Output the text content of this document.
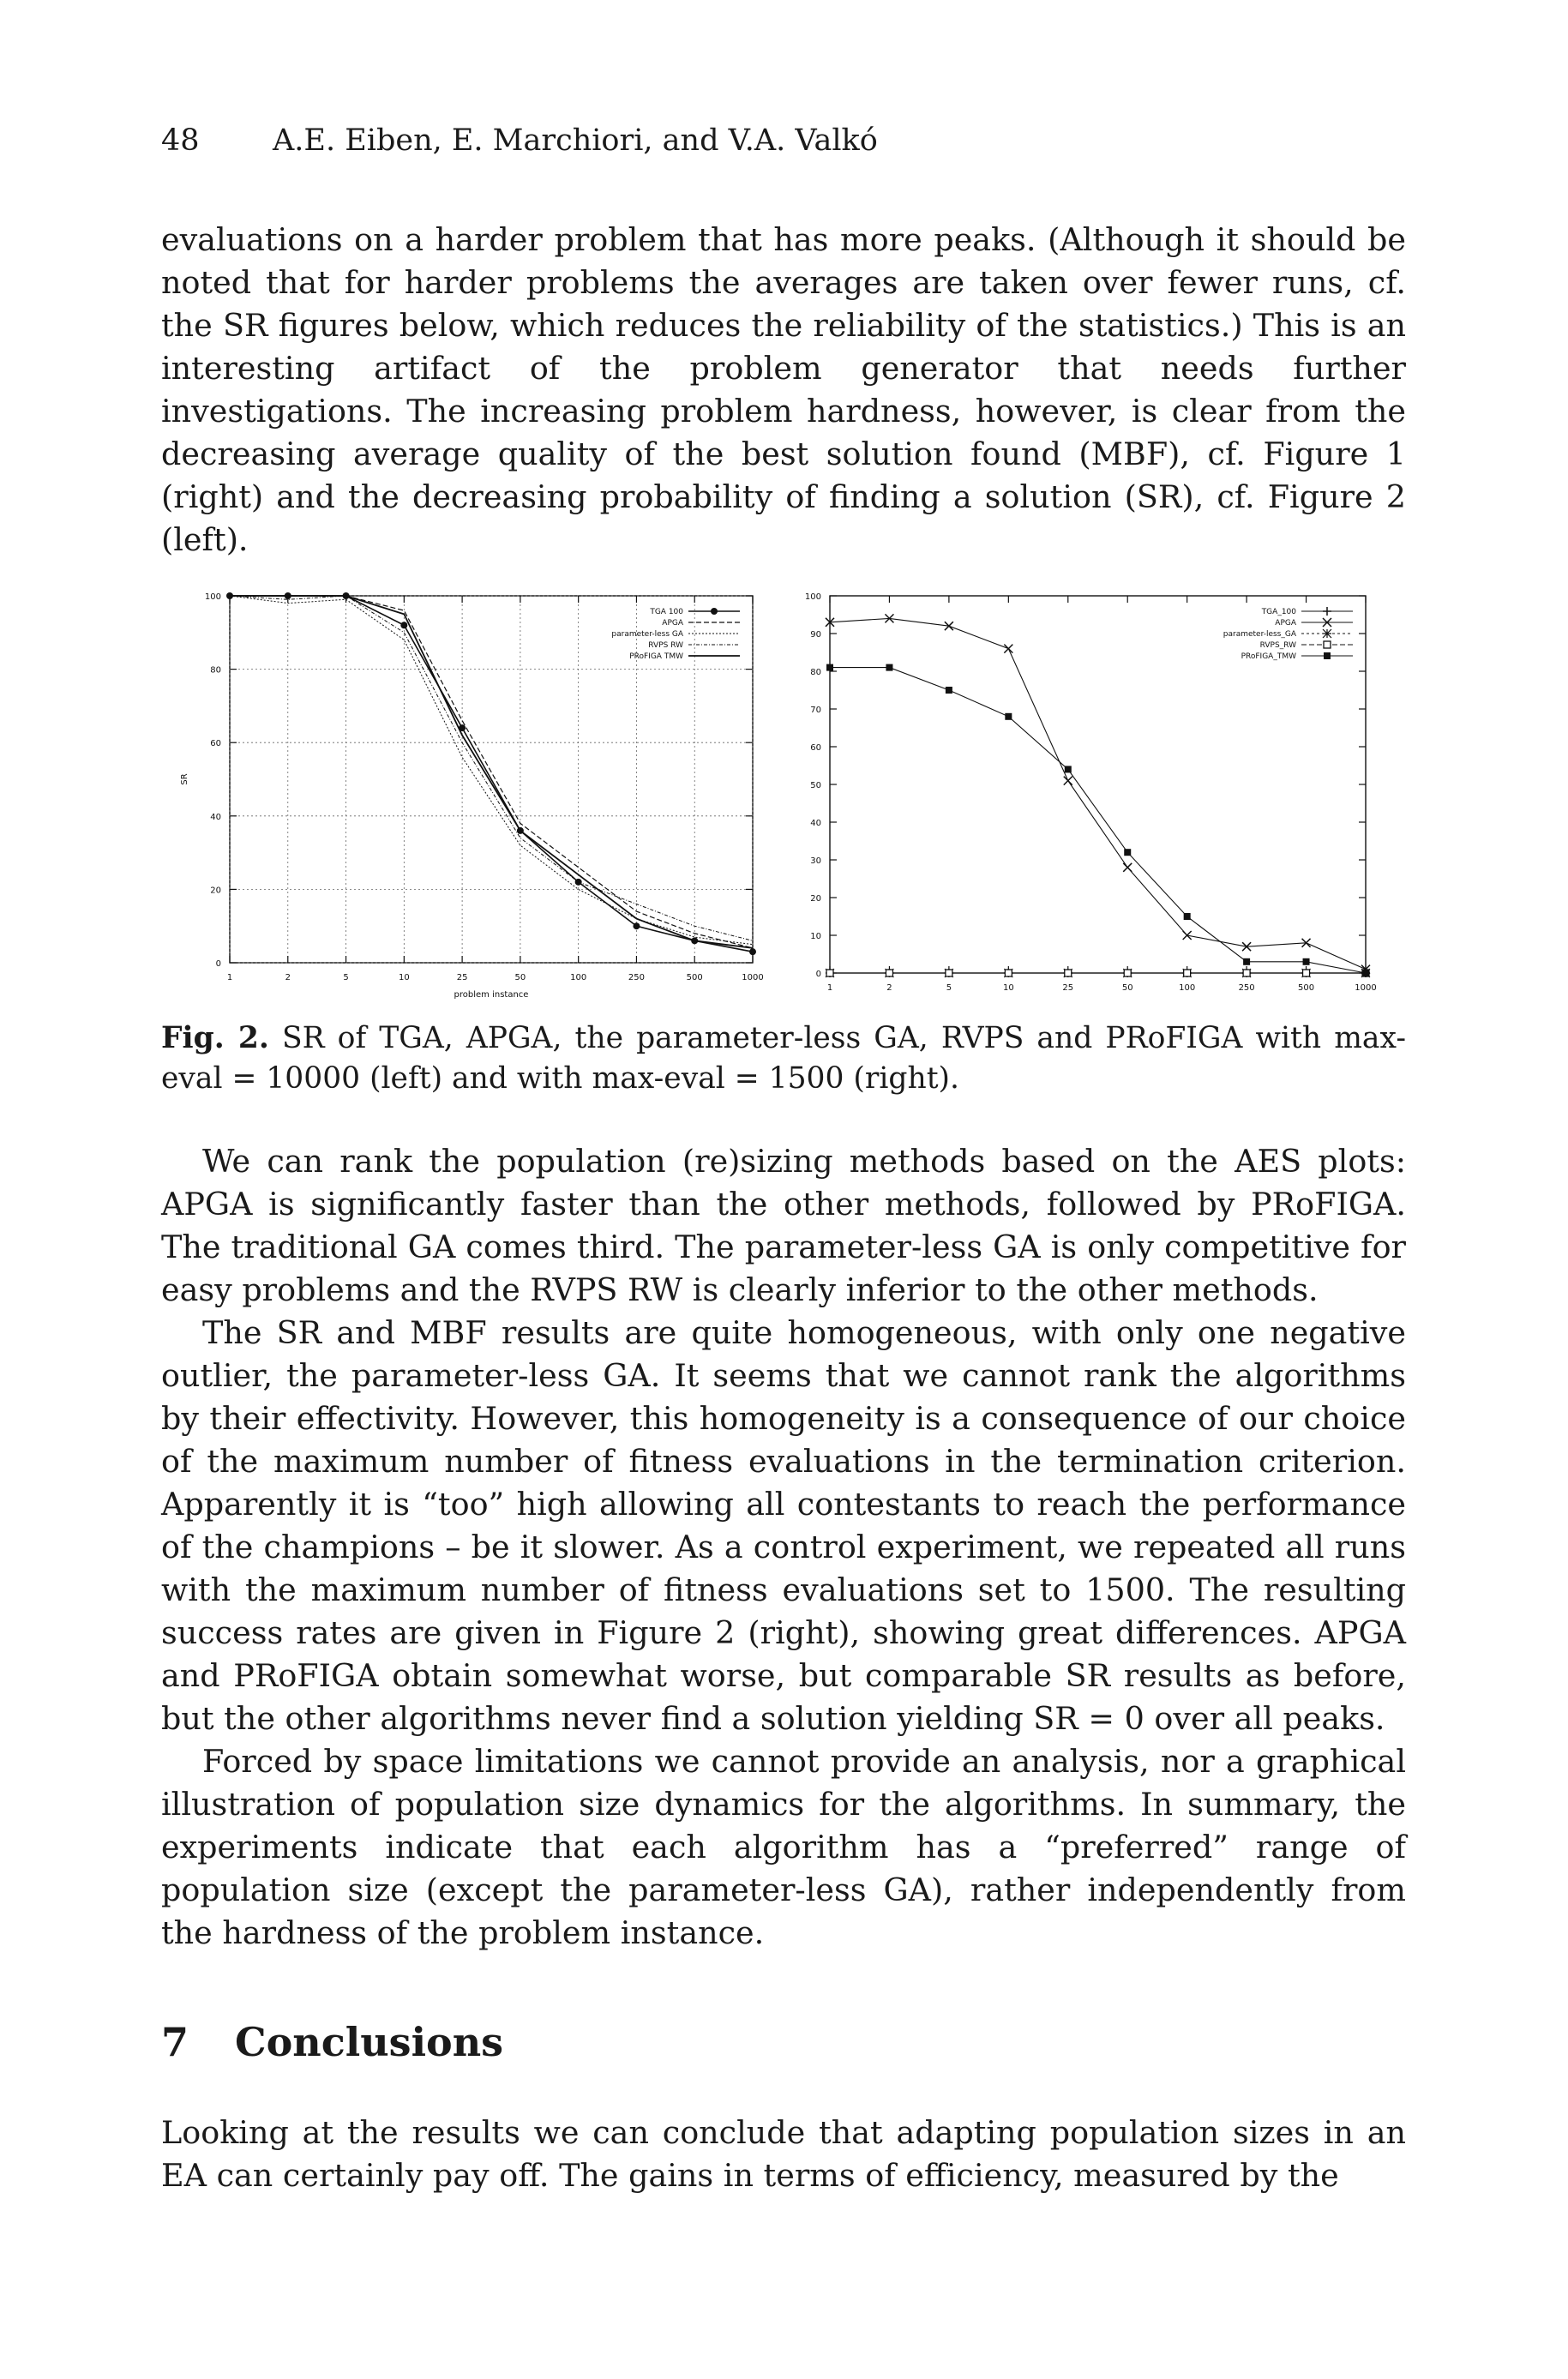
48 A.E. Eiben, E. Marchiori, and V.A. Valkó

evaluations on a harder problem that has more peaks. (Although it should be noted that for harder problems the averages are taken over fewer runs, cf. the SR figures below, which reduces the reliability of the statistics.) This is an interesting artifact of the problem generator that needs further investigations. The increasing problem hardness, however, is clear from the decreasing average quality of the best solution found (MBF), cf. Figure 1 (right) and the decreasing probability of finding a solution (SR), cf. Figure 2 (left).

0
20
40
60
80
100
1	2	5	10	25	50	100	250	500	1000
problem instance
SR
TGA 100
APGA
parameter-less GA
RVPS RW
PRoFIGA TMW
0
10
20
30
40
50
60
70
80
90
100
1	2	5	10	25	50	100	250	500	1000
TGA_100
APGA
parameter-less_GA
RVPS_RW
PRoFIGA_TMW
Fig. 2. SR of TGA, APGA, the parameter-less GA, RVPS and PRoFIGA with max-eval = 10000 (left) and with max-eval = 1500 (right).

We can rank the population (re)sizing methods based on the AES plots: APGA is significantly faster than the other methods, followed by PRoFIGA. The traditional GA comes third. The parameter-less GA is only competitive for easy problems and the RVPS RW is clearly inferior to the other methods.

The SR and MBF results are quite homogeneous, with only one negative outlier, the parameter-less GA. It seems that we cannot rank the algorithms by their effectivity. However, this homogeneity is a consequence of our choice of the maximum number of fitness evaluations in the termination criterion. Apparently it is “too” high allowing all contestants to reach the performance of the champions – be it slower. As a control experiment, we repeated all runs with the maximum number of fitness evaluations set to 1500. The resulting success rates are given in Figure 2 (right), showing great differences. APGA and PRoFIGA obtain somewhat worse, but comparable SR results as before, but the other algorithms never find a solution yielding SR = 0 over all peaks.

Forced by space limitations we cannot provide an analysis, nor a graphical illustration of population size dynamics for the algorithms. In summary, the experiments indicate that each algorithm has a “preferred” range of population size (except the parameter-less GA), rather independently from the hardness of the problem instance.

7 Conclusions

Looking at the results we can conclude that adapting population sizes in an EA can certainly pay off. The gains in terms of efficiency, measured by the
